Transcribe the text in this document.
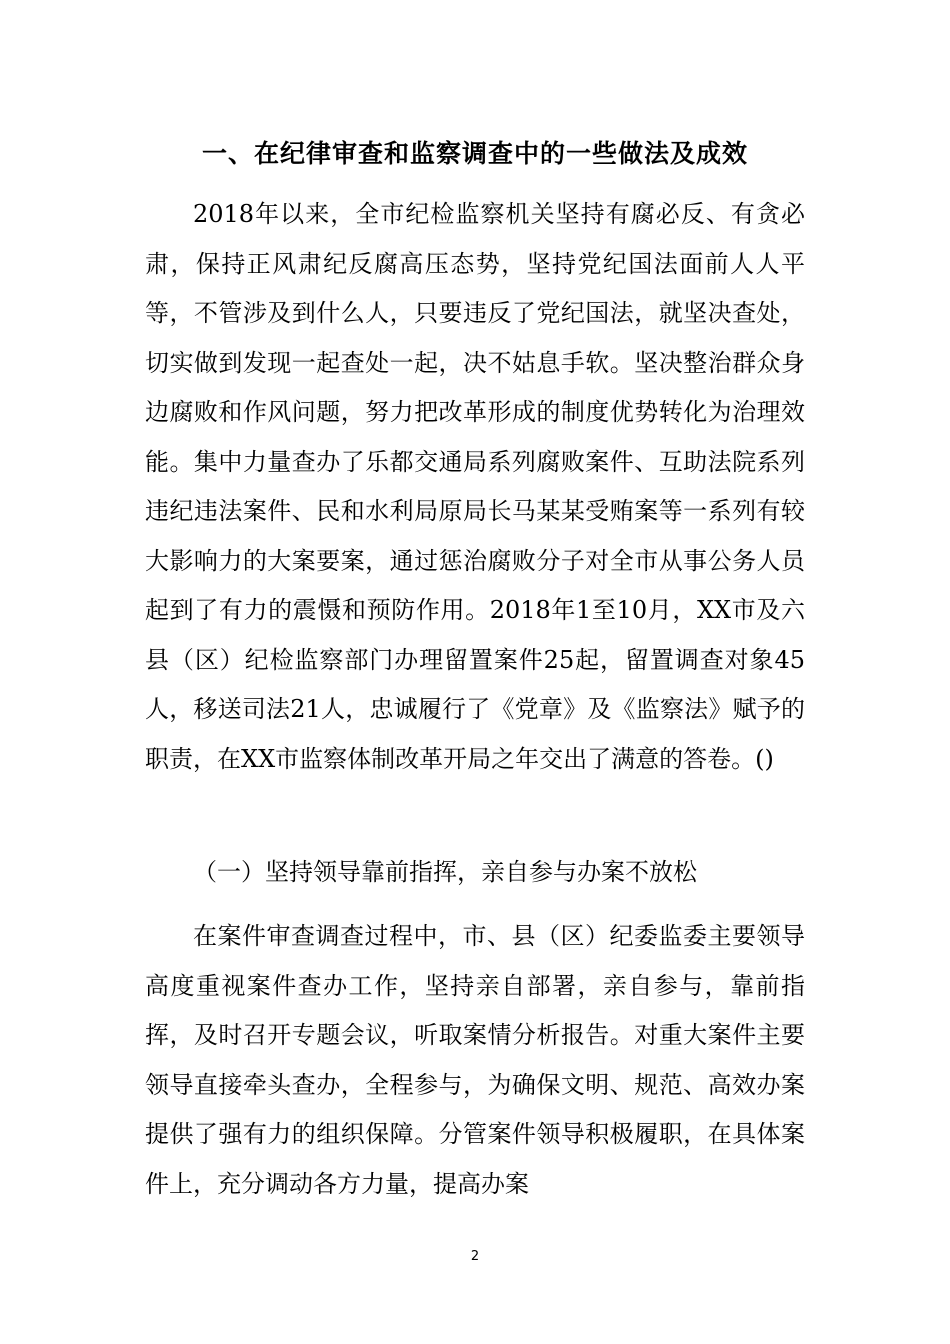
一、在纪律审查和监察调查中的一些做法及成效

2018年以来，全市纪检监察机关坚持有腐必反、有贪必肃，保持正风肃纪反腐高压态势，坚持党纪国法面前人人平等，不管涉及到什么人，只要违反了党纪国法，就坚决查处，切实做到发现一起查处一起，决不姑息手软。坚决整治群众身边腐败和作风问题，努力把改革形成的制度优势转化为治理效能。集中力量查办了乐都交通局系列腐败案件、互助法院系列违纪违法案件、民和水利局原局长马某某受贿案等一系列有较大影响力的大案要案，通过惩治腐败分子对全市从事公务人员起到了有力的震慑和预防作用。2018年1至10月，XX市及六县（区）纪检监察部门办理留置案件25起，留置调查对象45人，移送司法21人，忠诚履行了《党章》及《监察法》赋予的职责，在XX市监察体制改革开局之年交出了满意的答卷。()

（一）坚持领导靠前指挥，亲自参与办案不放松

在案件审查调查过程中，市、县（区）纪委监委主要领导高度重视案件查办工作，坚持亲自部署，亲自参与，靠前指挥，及时召开专题会议，听取案情分析报告。对重大案件主要领导直接牵头查办，全程参与，为确保文明、规范、高效办案提供了强有力的组织保障。分管案件领导积极履职，在具体案件上，充分调动各方力量，提高办案

2
